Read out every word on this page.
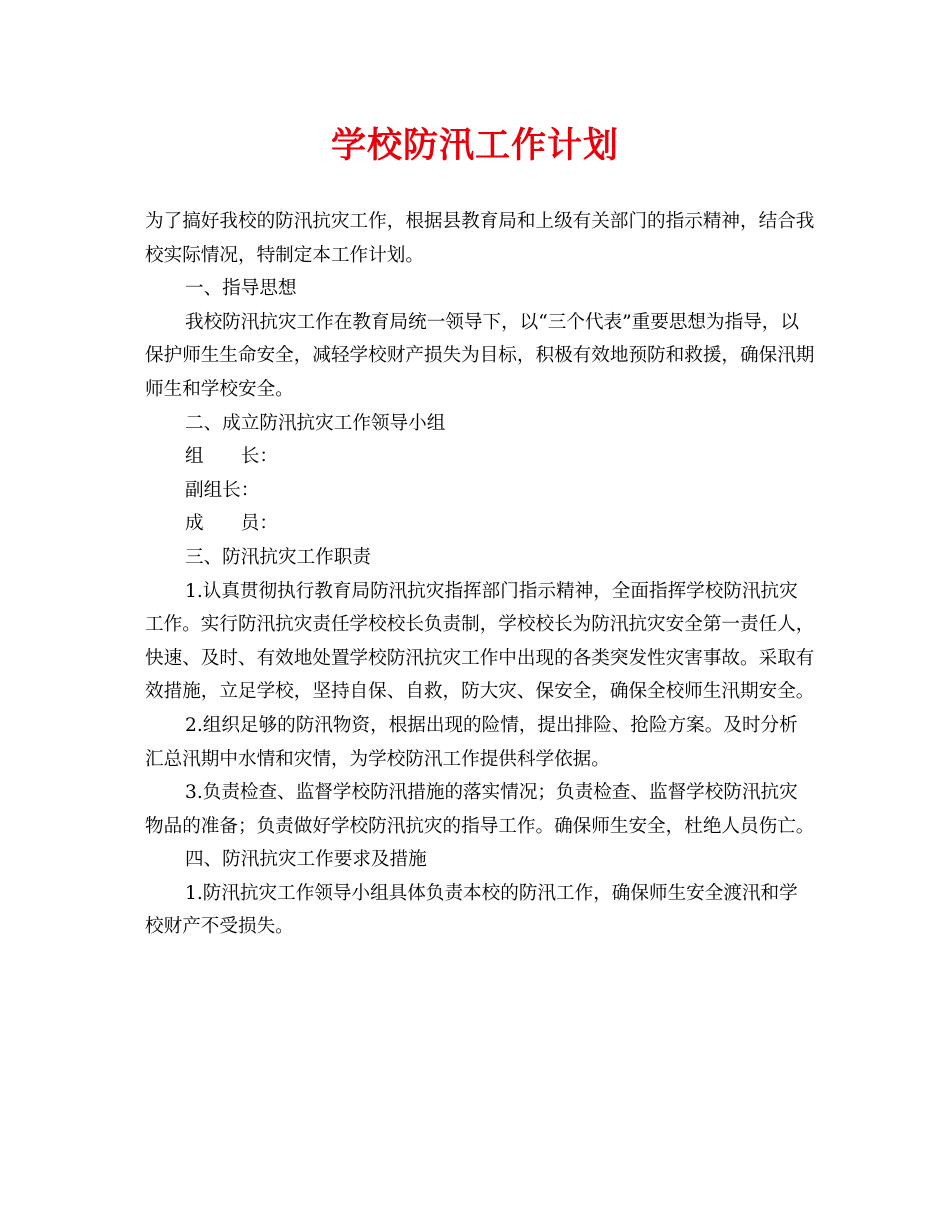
学校防汛工作计划

为了搞好我校的防汛抗灾工作，根据县教育局和上级有关部门的指示精神，结合我校实际情况，特制定本工作计划。

一、指导思想

我校防汛抗灾工作在教育局统一领导下，以“三个代表”重要思想为指导，以保护师生生命安全，减轻学校财产损失为目标，积极有效地预防和救援，确保汛期师生和学校安全。

二、成立防汛抗灾工作领导小组

组　　长：

副组长：

成　　员：

三、防汛抗灾工作职责

1.认真贯彻执行教育局防汛抗灾指挥部门指示精神，全面指挥学校防汛抗灾工作。实行防汛抗灾责任学校校长负责制，学校校长为防汛抗灾安全第一责任人，快速、及时、有效地处置学校防汛抗灾工作中出现的各类突发性灾害事故。采取有效措施，立足学校，坚持自保、自救，防大灾、保安全，确保全校师生汛期安全。

2.组织足够的防汛物资，根据出现的险情，提出排险、抢险方案。及时分析汇总汛期中水情和灾情，为学校防汛工作提供科学依据。

3.负责检查、监督学校防汛措施的落实情况；负责检查、监督学校防汛抗灾物品的准备；负责做好学校防汛抗灾的指导工作。确保师生安全，杜绝人员伤亡。

四、防汛抗灾工作要求及措施

1.防汛抗灾工作领导小组具体负责本校的防汛工作，确保师生安全渡汛和学校财产不受损失。
